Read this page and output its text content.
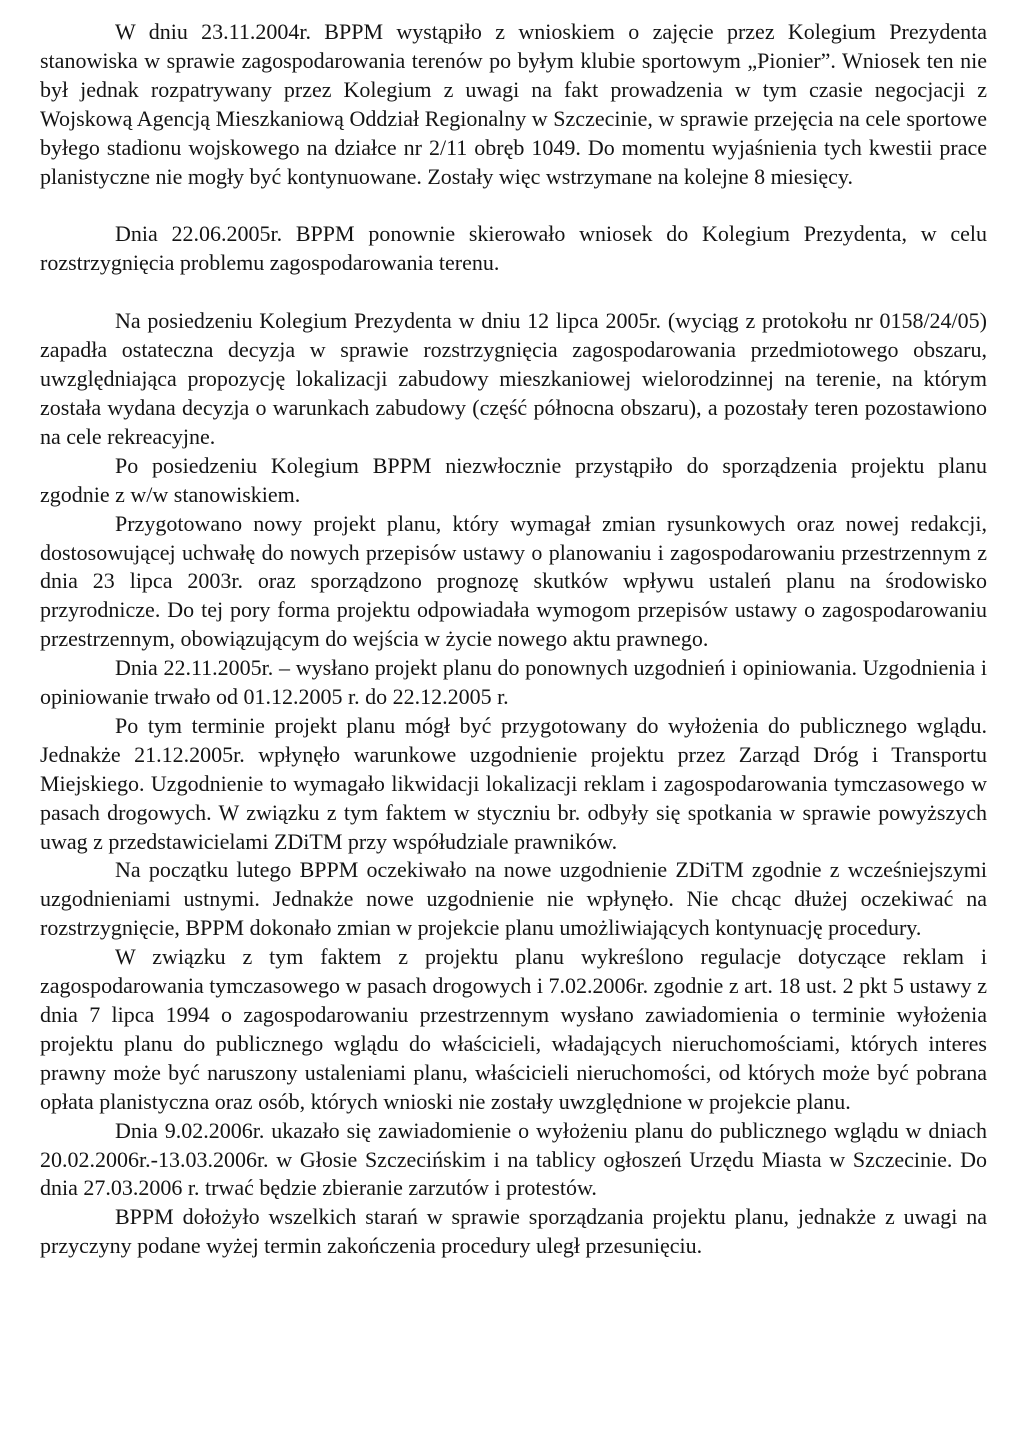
W dniu 23.11.2004r. BPPM wystąpiło z wnioskiem o zajęcie przez Kolegium Prezydenta stanowiska w sprawie zagospodarowania terenów po byłym klubie sportowym „Pionier”. Wniosek ten nie był jednak rozpatrywany przez Kolegium z uwagi na fakt prowadzenia w tym czasie negocjacji z Wojskową Agencją Mieszkaniową Oddział Regionalny w Szczecinie, w sprawie przejęcia na cele sportowe byłego stadionu wojskowego na działce nr 2/11 obręb 1049. Do momentu wyjaśnienia tych kwestii prace planistyczne nie mogły być kontynuowane. Zostały więc wstrzymane na kolejne 8 miesięcy.

Dnia 22.06.2005r. BPPM ponownie skierowało wniosek do Kolegium Prezydenta, w celu rozstrzygnięcia problemu zagospodarowania terenu.

Na posiedzeniu Kolegium Prezydenta w dniu 12 lipca 2005r. (wyciąg z protokołu nr 0158/24/05) zapadła ostateczna decyzja w sprawie rozstrzygnięcia zagospodarowania przedmiotowego obszaru, uwzględniająca propozycję lokalizacji zabudowy mieszkaniowej wielorodzinnej na terenie, na którym została wydana decyzja o warunkach zabudowy (część północna obszaru), a pozostały teren pozostawiono na cele rekreacyjne.

Po posiedzeniu Kolegium BPPM niezwłocznie przystąpiło do sporządzenia projektu planu zgodnie z w/w stanowiskiem.

Przygotowano nowy projekt planu, który wymagał zmian rysunkowych oraz nowej redakcji, dostosowującej uchwałę do nowych przepisów ustawy o planowaniu i zagospodarowaniu przestrzennym z dnia 23 lipca 2003r. oraz sporządzono prognozę skutków wpływu ustaleń planu na środowisko przyrodnicze. Do tej pory forma projektu odpowiadała wymogom przepisów ustawy o zagospodarowaniu przestrzennym, obowiązującym do wejścia w życie nowego aktu prawnego.

Dnia 22.11.2005r. – wysłano projekt planu do ponownych uzgodnień i opiniowania. Uzgodnienia i opiniowanie trwało od 01.12.2005 r. do 22.12.2005 r.

Po tym terminie projekt planu mógł być przygotowany do wyłożenia do publicznego wglądu. Jednakże 21.12.2005r. wpłynęło warunkowe uzgodnienie projektu przez Zarząd Dróg i Transportu Miejskiego. Uzgodnienie to wymagało likwidacji lokalizacji reklam i zagospodarowania tymczasowego w pasach drogowych. W związku z tym faktem w styczniu br. odbyły się spotkania w sprawie powyższych uwag z przedstawicielami ZDiTM przy współudziale prawników.

Na początku lutego BPPM oczekiwało na nowe uzgodnienie ZDiTM zgodnie z wcześniejszymi uzgodnieniami ustnymi. Jednakże nowe uzgodnienie nie wpłynęło. Nie chcąc dłużej oczekiwać na rozstrzygnięcie, BPPM dokonało zmian w projekcie planu umożliwiających kontynuację procedury.

W związku z tym faktem z projektu planu wykreślono regulacje dotyczące reklam i zagospodarowania tymczasowego w pasach drogowych i 7.02.2006r. zgodnie z art. 18 ust. 2 pkt 5 ustawy z dnia 7 lipca 1994 o zagospodarowaniu przestrzennym wysłano zawiadomienia o terminie wyłożenia projektu planu do publicznego wglądu do właścicieli, władających nieruchomościami, których interes prawny może być naruszony ustaleniami planu, właścicieli nieruchomości, od których może być pobrana opłata planistyczna oraz osób, których wnioski nie zostały uwzględnione w projekcie planu.

Dnia 9.02.2006r. ukazało się zawiadomienie o wyłożeniu planu do publicznego wglądu w dniach 20.02.2006r.-13.03.2006r. w Głosie Szczecińskim i na tablicy ogłoszeń Urzędu Miasta w Szczecinie. Do dnia 27.03.2006 r. trwać będzie zbieranie zarzutów i protestów.

BPPM dołożyło wszelkich starań w sprawie sporządzania projektu planu, jednakże z uwagi na przyczyny podane wyżej termin zakończenia procedury uległ przesunięciu.
